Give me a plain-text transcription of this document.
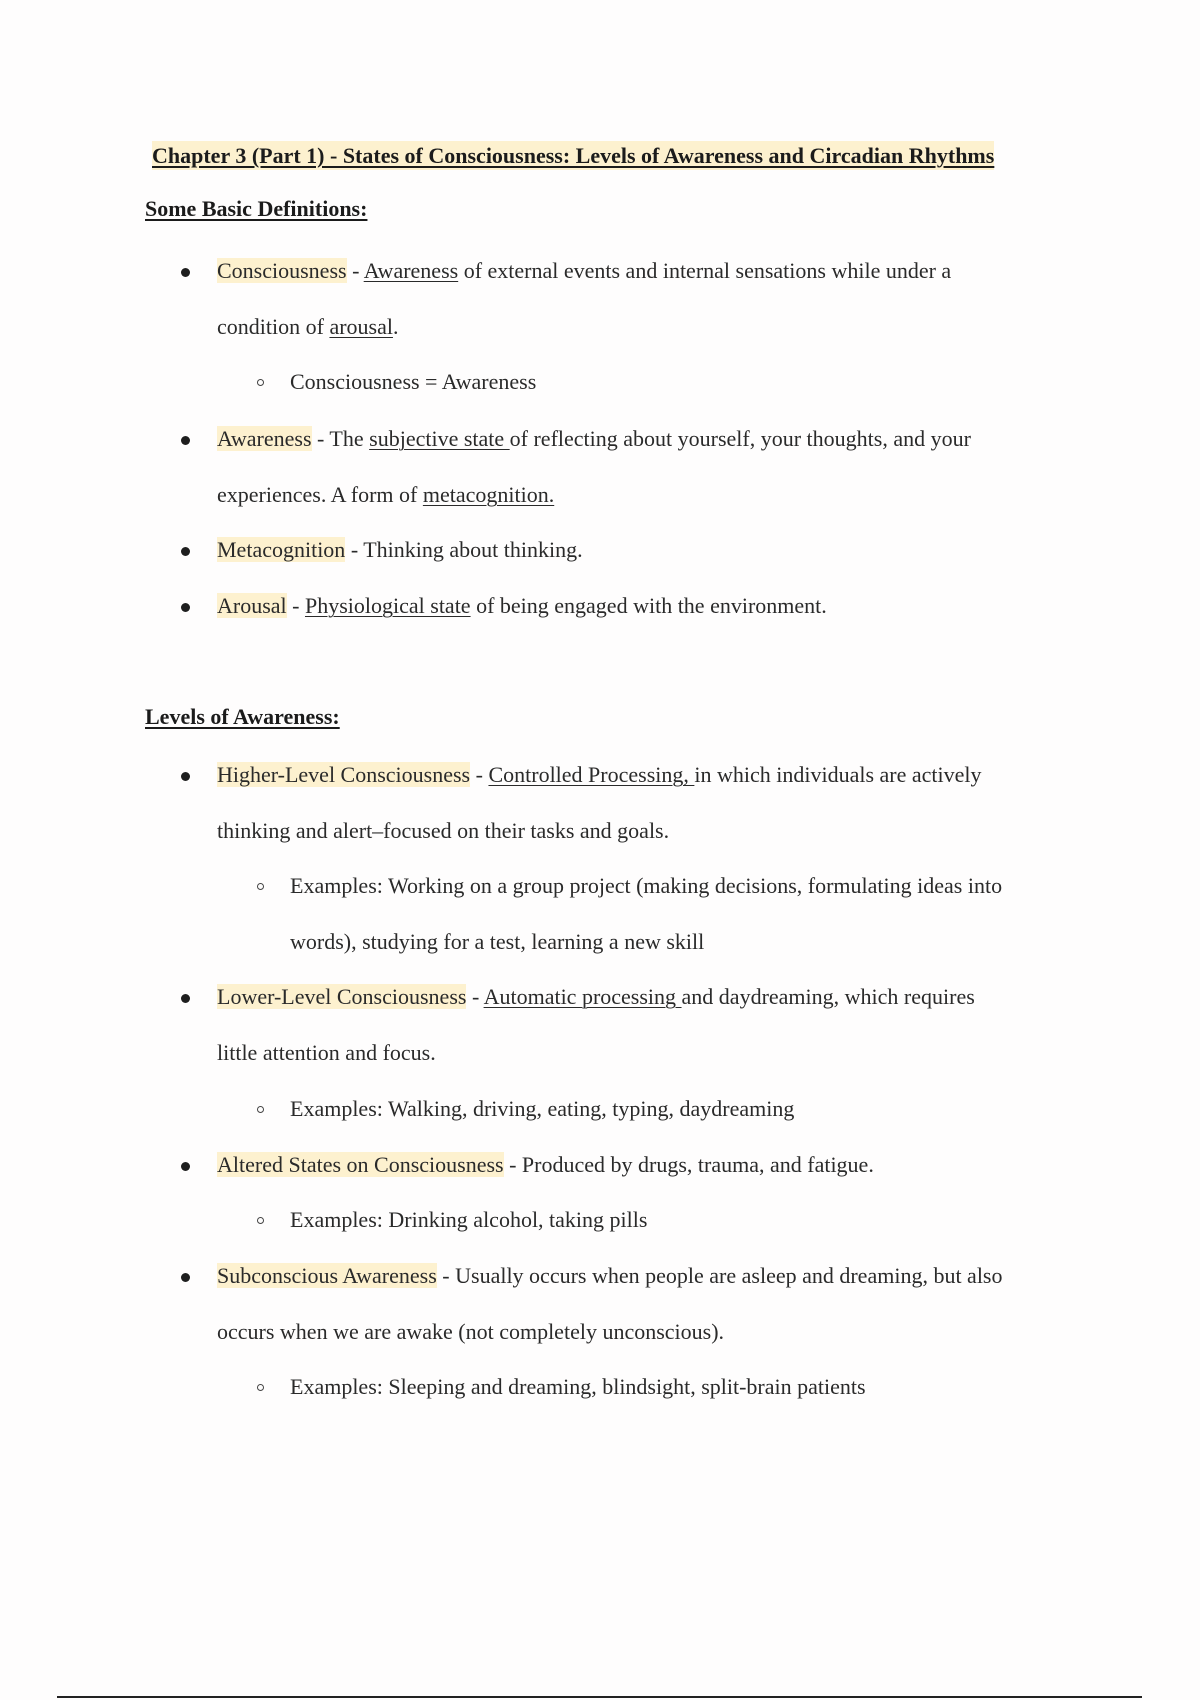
Chapter 3 (Part 1) - States of Consciousness: Levels of Awareness and Circadian Rhythms
Some Basic Definitions:
Consciousness - Awareness of external events and internal sensations while under a
condition of arousal.
Consciousness = Awareness
Awareness - The subjective state of reflecting about yourself, your thoughts, and your
experiences. A form of metacognition.
Metacognition - Thinking about thinking.
Arousal - Physiological state of being engaged with the environment.
Levels of Awareness:
Higher-Level Consciousness - Controlled Processing, in which individuals are actively
thinking and alert–focused on their tasks and goals.
Examples: Working on a group project (making decisions, formulating ideas into
words), studying for a test, learning a new skill
Lower-Level Consciousness - Automatic processing and daydreaming, which requires
little attention and focus.
Examples: Walking, driving, eating, typing, daydreaming
Altered States on Consciousness - Produced by drugs, trauma, and fatigue.
Examples: Drinking alcohol, taking pills
Subconscious Awareness - Usually occurs when people are asleep and dreaming, but also
occurs when we are awake (not completely unconscious).
Examples: Sleeping and dreaming, blindsight, split-brain patients
